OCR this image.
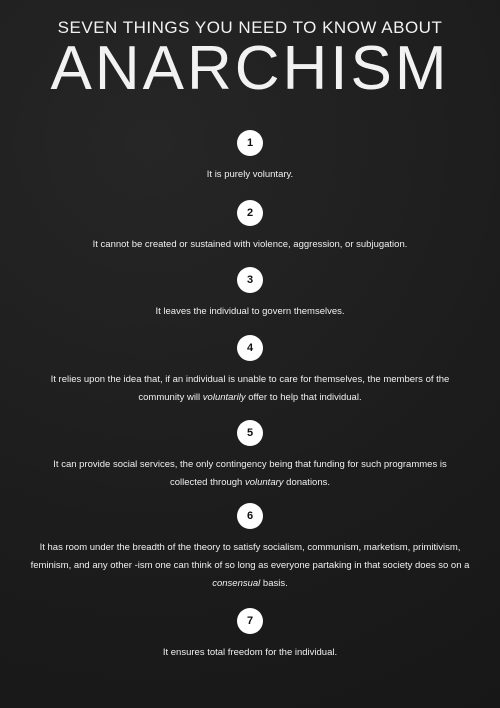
SEVEN THINGS YOU NEED TO KNOW ABOUT
ANARCHISM
1
It is purely voluntary.
2
It cannot be created or sustained with violence, aggression, or subjugation.
3
It leaves the individual to govern themselves.
4
It relies upon the idea that, if an individual is unable to care for themselves, the members of the community will voluntarily offer to help that individual.
5
It can provide social services, the only contingency being that funding for such programmes is collected through voluntary donations.
6
It has room under the breadth of the theory to satisfy socialism, communism, marketism, primitivism, feminism, and any other -ism one can think of so long as everyone partaking in that society does so on a consensual basis.
7
It ensures total freedom for the individual.
